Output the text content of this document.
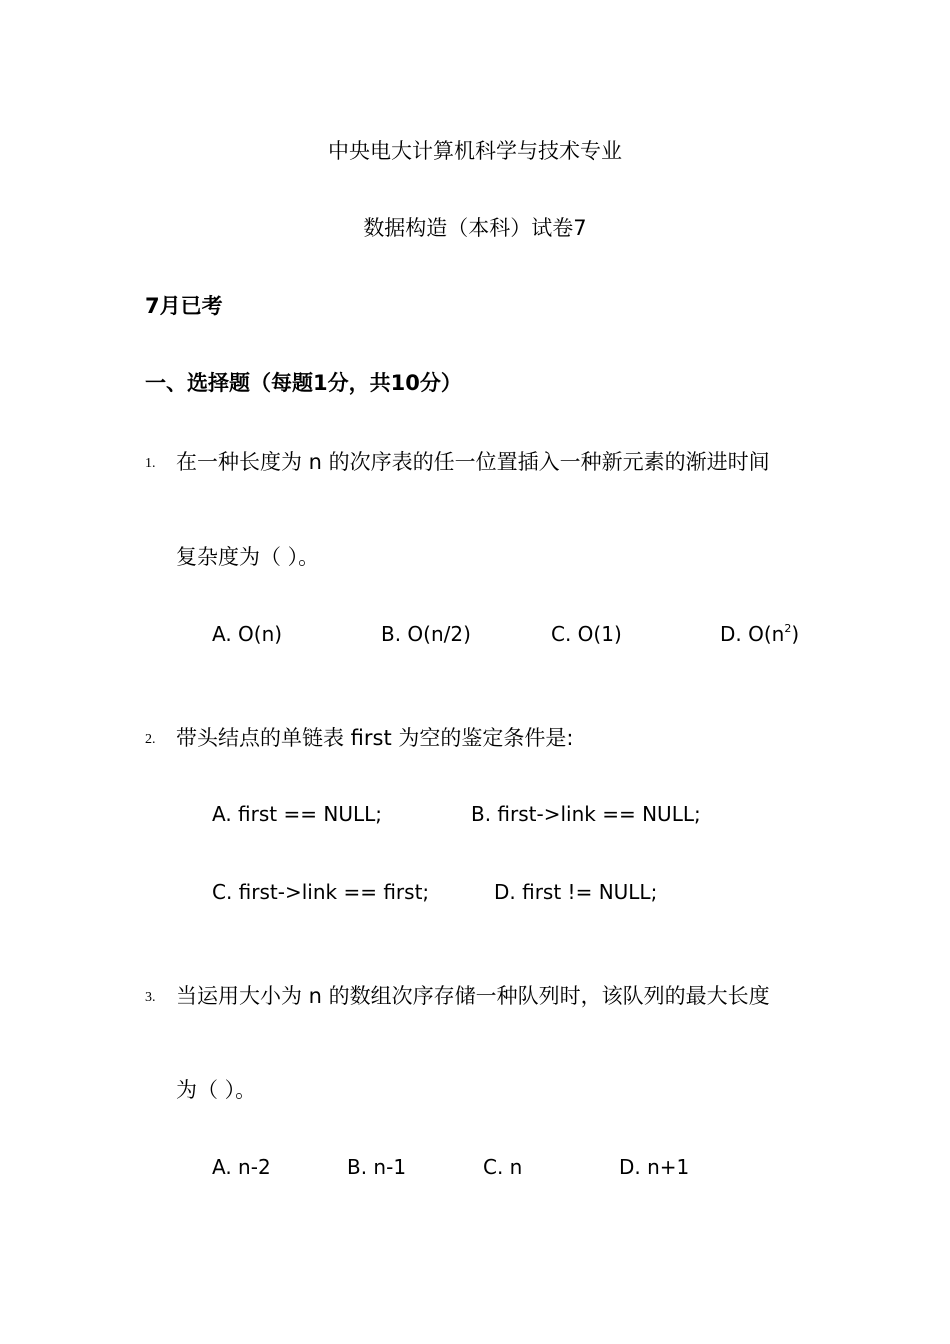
中央电大计算机科学与技术专业
数据构造（本科）试卷7
7月已考
一、选择题（每题1分，共10分）
1. 在一种长度为 n 的次序表的任一位置插入一种新元素的渐进时间
复杂度为（ ）。
A. O(n)	B. O(n/2)	C. O(1)	D. $O(n^2)$
2. 带头结点的单链表 first 为空的鉴定条件是:
A. first == NULL;	B. first->link == NULL;
C. first->link == first;	D. first != NULL;
3. 当运用大小为 n 的数组次序存储一种队列时，该队列的最大长度
为（ ）。
A. n-2	B. n-1	C. n	D. n+1
